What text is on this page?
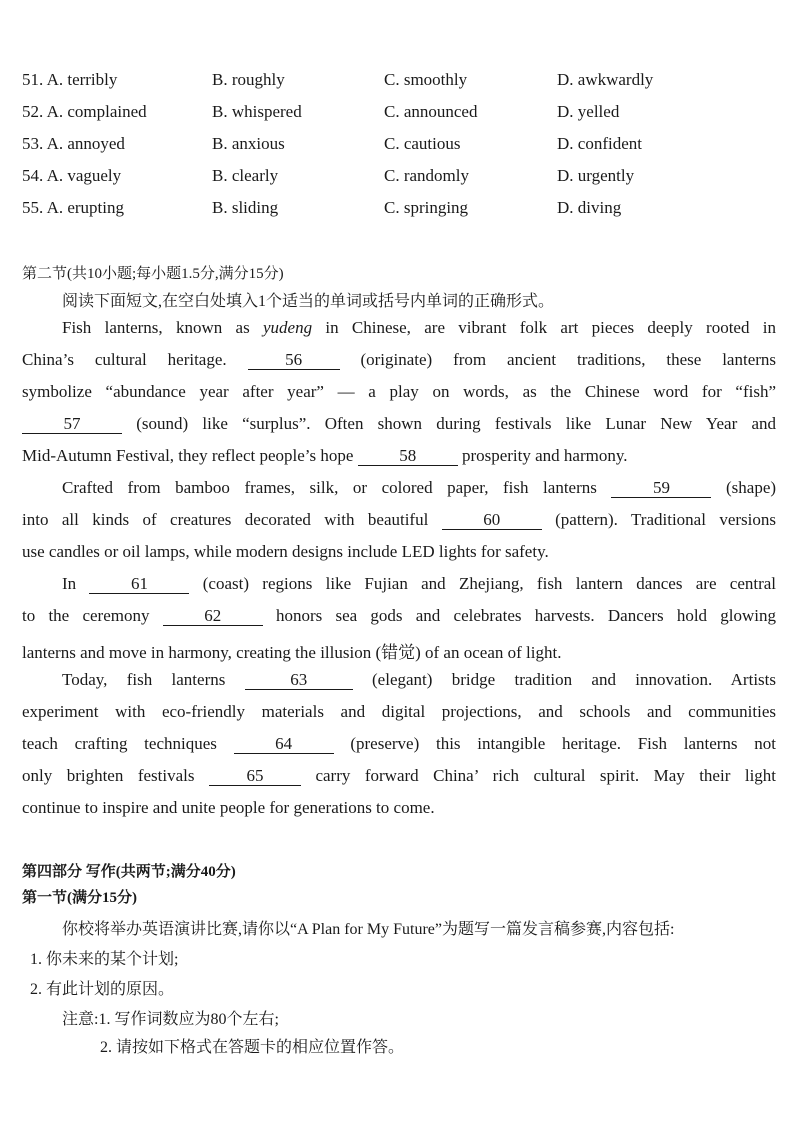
51. A. terribly	B. roughly	C. smoothly	D. awkwardly
52. A. complained	B. whispered	C. announced	D. yelled
53. A. annoyed	B. anxious	C. cautious	D. confident
54. A. vaguely	B. clearly	C. randomly	D. urgently
55. A. erupting	B. sliding	C. springing	D. diving
第二节(共10小题;每小题1.5分,满分15分)
阅读下面短文,在空白处填入1个适当的单词或括号内单词的正确形式。
Fish lanterns, known as yudeng in Chinese, are vibrant folk art pieces deeply rooted in
China’s cultural heritage.	56	(originate) from ancient traditions, these lanterns
symbolize “abundance year after year” — a play on words, as the Chinese word for “fish”
57	(sound) like “surplus”. Often shown during festivals like Lunar New Year and
Mid-Autumn Festival, they reflect people’s hope	58	prosperity and harmony.
Crafted from bamboo frames, silk, or colored paper, fish lanterns	59	(shape)
into all kinds of creatures decorated with beautiful	60	(pattern). Traditional versions
use candles or oil lamps, while modern designs include LED lights for safety.
In	61	(coast) regions like Fujian and Zhejiang, fish lantern dances are central
to the ceremony	62	honors sea gods and celebrates harvests. Dancers hold glowing
lanterns and move in harmony, creating the illusion (错觉) of an ocean of light.
Today, fish lanterns	63	(elegant) bridge tradition and innovation. Artists
experiment with eco-friendly materials and digital projections, and schools and communities
teach crafting techniques	64	(preserve) this intangible heritage. Fish lanterns not
only brighten festivals	65	carry forward China’ rich cultural spirit. May their light
continue to inspire and unite people for generations to come.
第四部分 写作(共两节;满分40分)
第一节(满分15分)
你校将举办英语演讲比赛,请你以“A Plan for My Future”为题写一篇发言稿参赛,内容包括:
1. 你未来的某个计划;
2. 有此计划的原因。
注意:1. 写作词数应为80个左右;
2. 请按如下格式在答题卡的相应位置作答。
